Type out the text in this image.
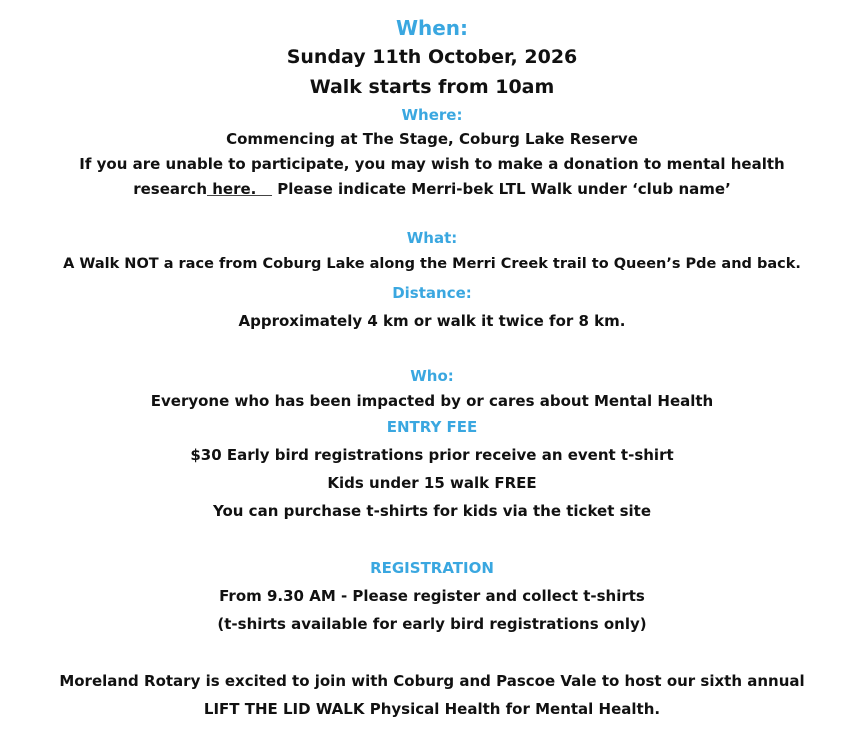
When:
Sunday 11th October, 2026
Walk starts from 10am
Where:
Commencing at The Stage, Coburg Lake Reserve
If you are unable to participate, you may wish to make a donation to mental health
research here.    Please indicate Merri-bek LTL Walk under ‘club name’
What:
A Walk NOT a race from Coburg Lake along the Merri Creek trail to Queen’s Pde and back.
Distance:
Approximately 4 km or walk it twice for 8 km.
Who:
Everyone who has been impacted by or cares about Mental Health
ENTRY FEE
$30 Early bird registrations prior receive an event t-shirt
Kids under 15 walk FREE
You can purchase t-shirts for kids via the ticket site
REGISTRATION
From 9.30 AM - Please register and collect t-shirts
(t-shirts available for early bird registrations only)
Moreland Rotary is excited to join with Coburg and Pascoe Vale to host our sixth annual
LIFT THE LID WALK Physical Health for Mental Health.
